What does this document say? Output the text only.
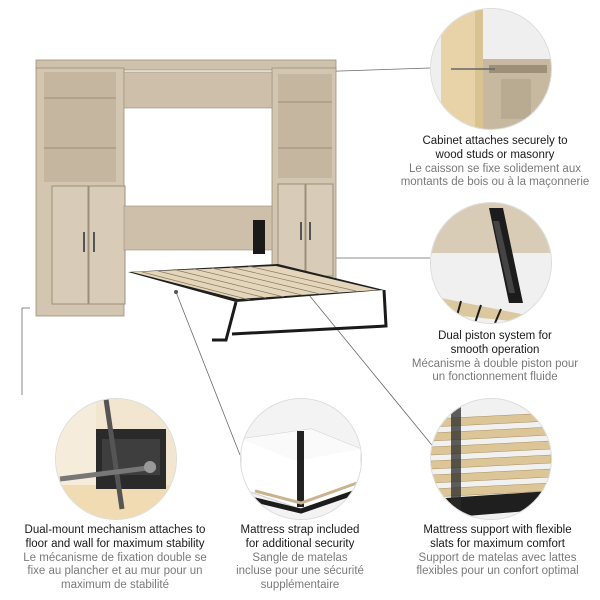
Cabinet attaches securely to
wood studs or masonry
Le caisson se fixe solidement aux
montants de bois ou à la maçonnerie
Dual piston system for
smooth operation
Mécanisme à double piston pour
un fonctionnement fluide
Dual-mount mechanism attaches to
floor and wall for maximum stability
Le mécanisme de fixation double se
fixe au plancher et au mur pour un
maximum de stabilité
Mattress strap included
for additional security
Sangle de matelas
incluse pour une sécurité
supplémentaire
Mattress support with flexible
slats for maximum comfort
Support de matelas avec lattes
flexibles pour un confort optimal
